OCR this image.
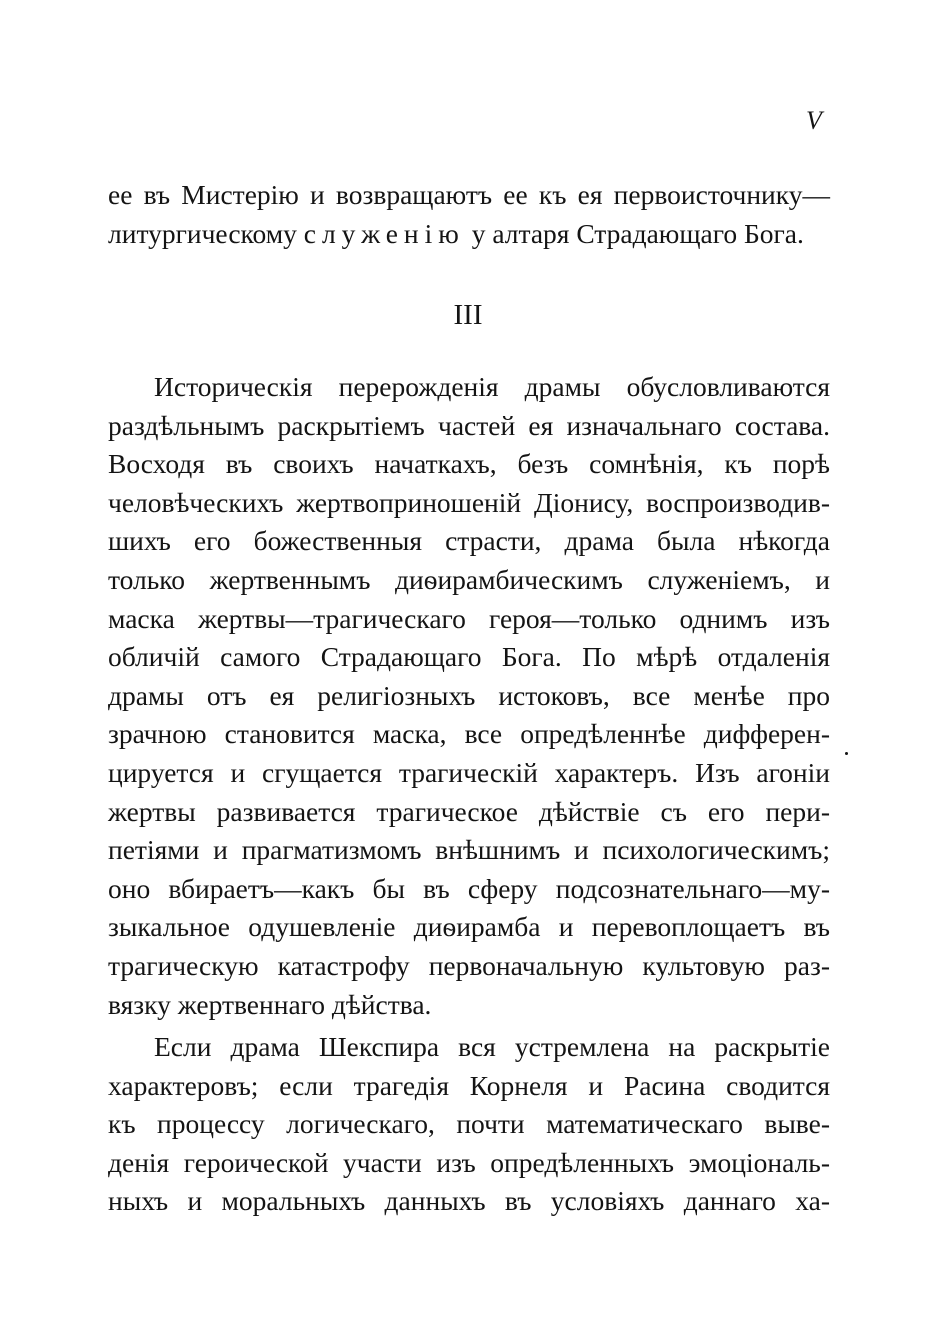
V
ее въ Мистерію и возвращаютъ ее къ ея первоисточнику—
литургическому служенію у алтаря Страдающаго Бога.
III
Историческія перерожденія драмы обусловливаются
раздѣльнымъ раскрытіемъ частей ея изначальнаго состава.
Восходя въ своихъ начаткахъ, безъ сомнѣнія, къ порѣ
человѣческихъ жертвоприношеній Діонису, воспроизводив-
шихъ его божественныя страсти, драма была нѣкогда
только жертвеннымъ диѳирамбическимъ служеніемъ, и
маска жертвы—трагическаго героя—только однимъ изъ
обличій самого Страдающаго Бога. По мѣрѣ отдаленія
драмы отъ ея религіозныхъ истоковъ, все менѣе про
зрачною становится маска, все опредѣленнѣе дифферен-
цируется и сгущается трагическій характеръ. Изъ агоніи
жертвы развивается трагическое дѣйствіе съ его пери-
петіями и прагматизмомъ внѣшнимъ и психологическимъ;
оно вбираетъ—какъ бы въ сферу подсознательнаго—му-
зыкальное одушевленіе диѳирамба и перевоплощаетъ въ
трагическую катастрофу первоначальную культовую раз-
вязку жертвеннаго дѣйства.
Если драма Шекспира вся устремлена на раскрытіе
характеровъ; если трагедія Корнеля и Расина сводится
къ процессу логическаго, почти математическаго выве-
денія героической участи изъ опредѣленныхъ эмоціональ-
ныхъ и моральныхъ данныхъ въ условіяхъ даннаго ха-
